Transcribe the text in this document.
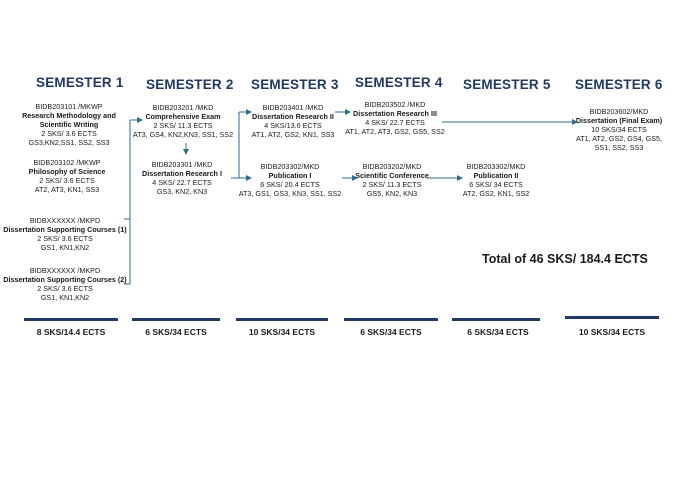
SEMESTER 1 SEMESTER 2 SEMESTER 3 SEMESTER 4 SEMESTER 5 SEMESTER 6
BIDB203101 /MKWP
Research Methodology and
Scientific Writing
2 SKS/ 3.6 ECTS
GS3,KN2,SS1, SS2, SS3
BIDB203102 /MKWP
Philosophy of Science
2 SKS/ 3.6 ECTS
AT2, AT3, KN1, SS3
BIDBXXXXXX /MKPD
Dissertation Supporting Courses (1)
2 SKS/ 3.6 ECTS
GS1, KN1,KN2
BIDBXXXXXX /MKPD
Dissertation Supporting Courses (2)
2 SKS/ 3.6 ECTS
GS1, KN1,KN2
BIDB203201 /MKD
Comprehensive Exam
2 SKS/ 11.3 ECTS
AT3, GS4, KN2,KN3, SS1, SS2
BIDB203301 /MKD
Dissertation Research I
4 SKS/ 22.7 ECTS
GS3, KN2, KN3
BIDB203401 /MKD
Dissertation Research II
4 SKS/13.6 ECTS
AT1, AT2, GS2, KN1, SS3
BIDB203302/MKD
Publication I
6 SKS/ 20.4 ECTS
AT3, GS1, GS3, KN3, SS1, SS2
BIDB203502 /MKD
Dissertation Research III
4 SKS/ 22.7 ECTS
AT1, AT2, AT3, GS2, GS5, SS2
BIDB203202/MKD
Scientific Conference
2 SKS/ 11.3 ECTS
GS5, KN2, KN3
BIDB203302/MKD
Publication II
6 SKS/ 34 ECTS
AT2, GS2, KN1, SS2
BIDB203602/MKD
Dissertation (Final Exam)
10 SKS/34 ECTS
AT1, AT2, GS2, GS4, GS5,
SS1, SS2, SS3
Total of 46 SKS/ 184.4 ECTS
8 SKS/14.4 ECTS	6 SKS/34 ECTS	10 SKS/34 ECTS	6 SKS/34 ECTS	6 SKS/34 ECTS	10 SKS/34 ECTS
